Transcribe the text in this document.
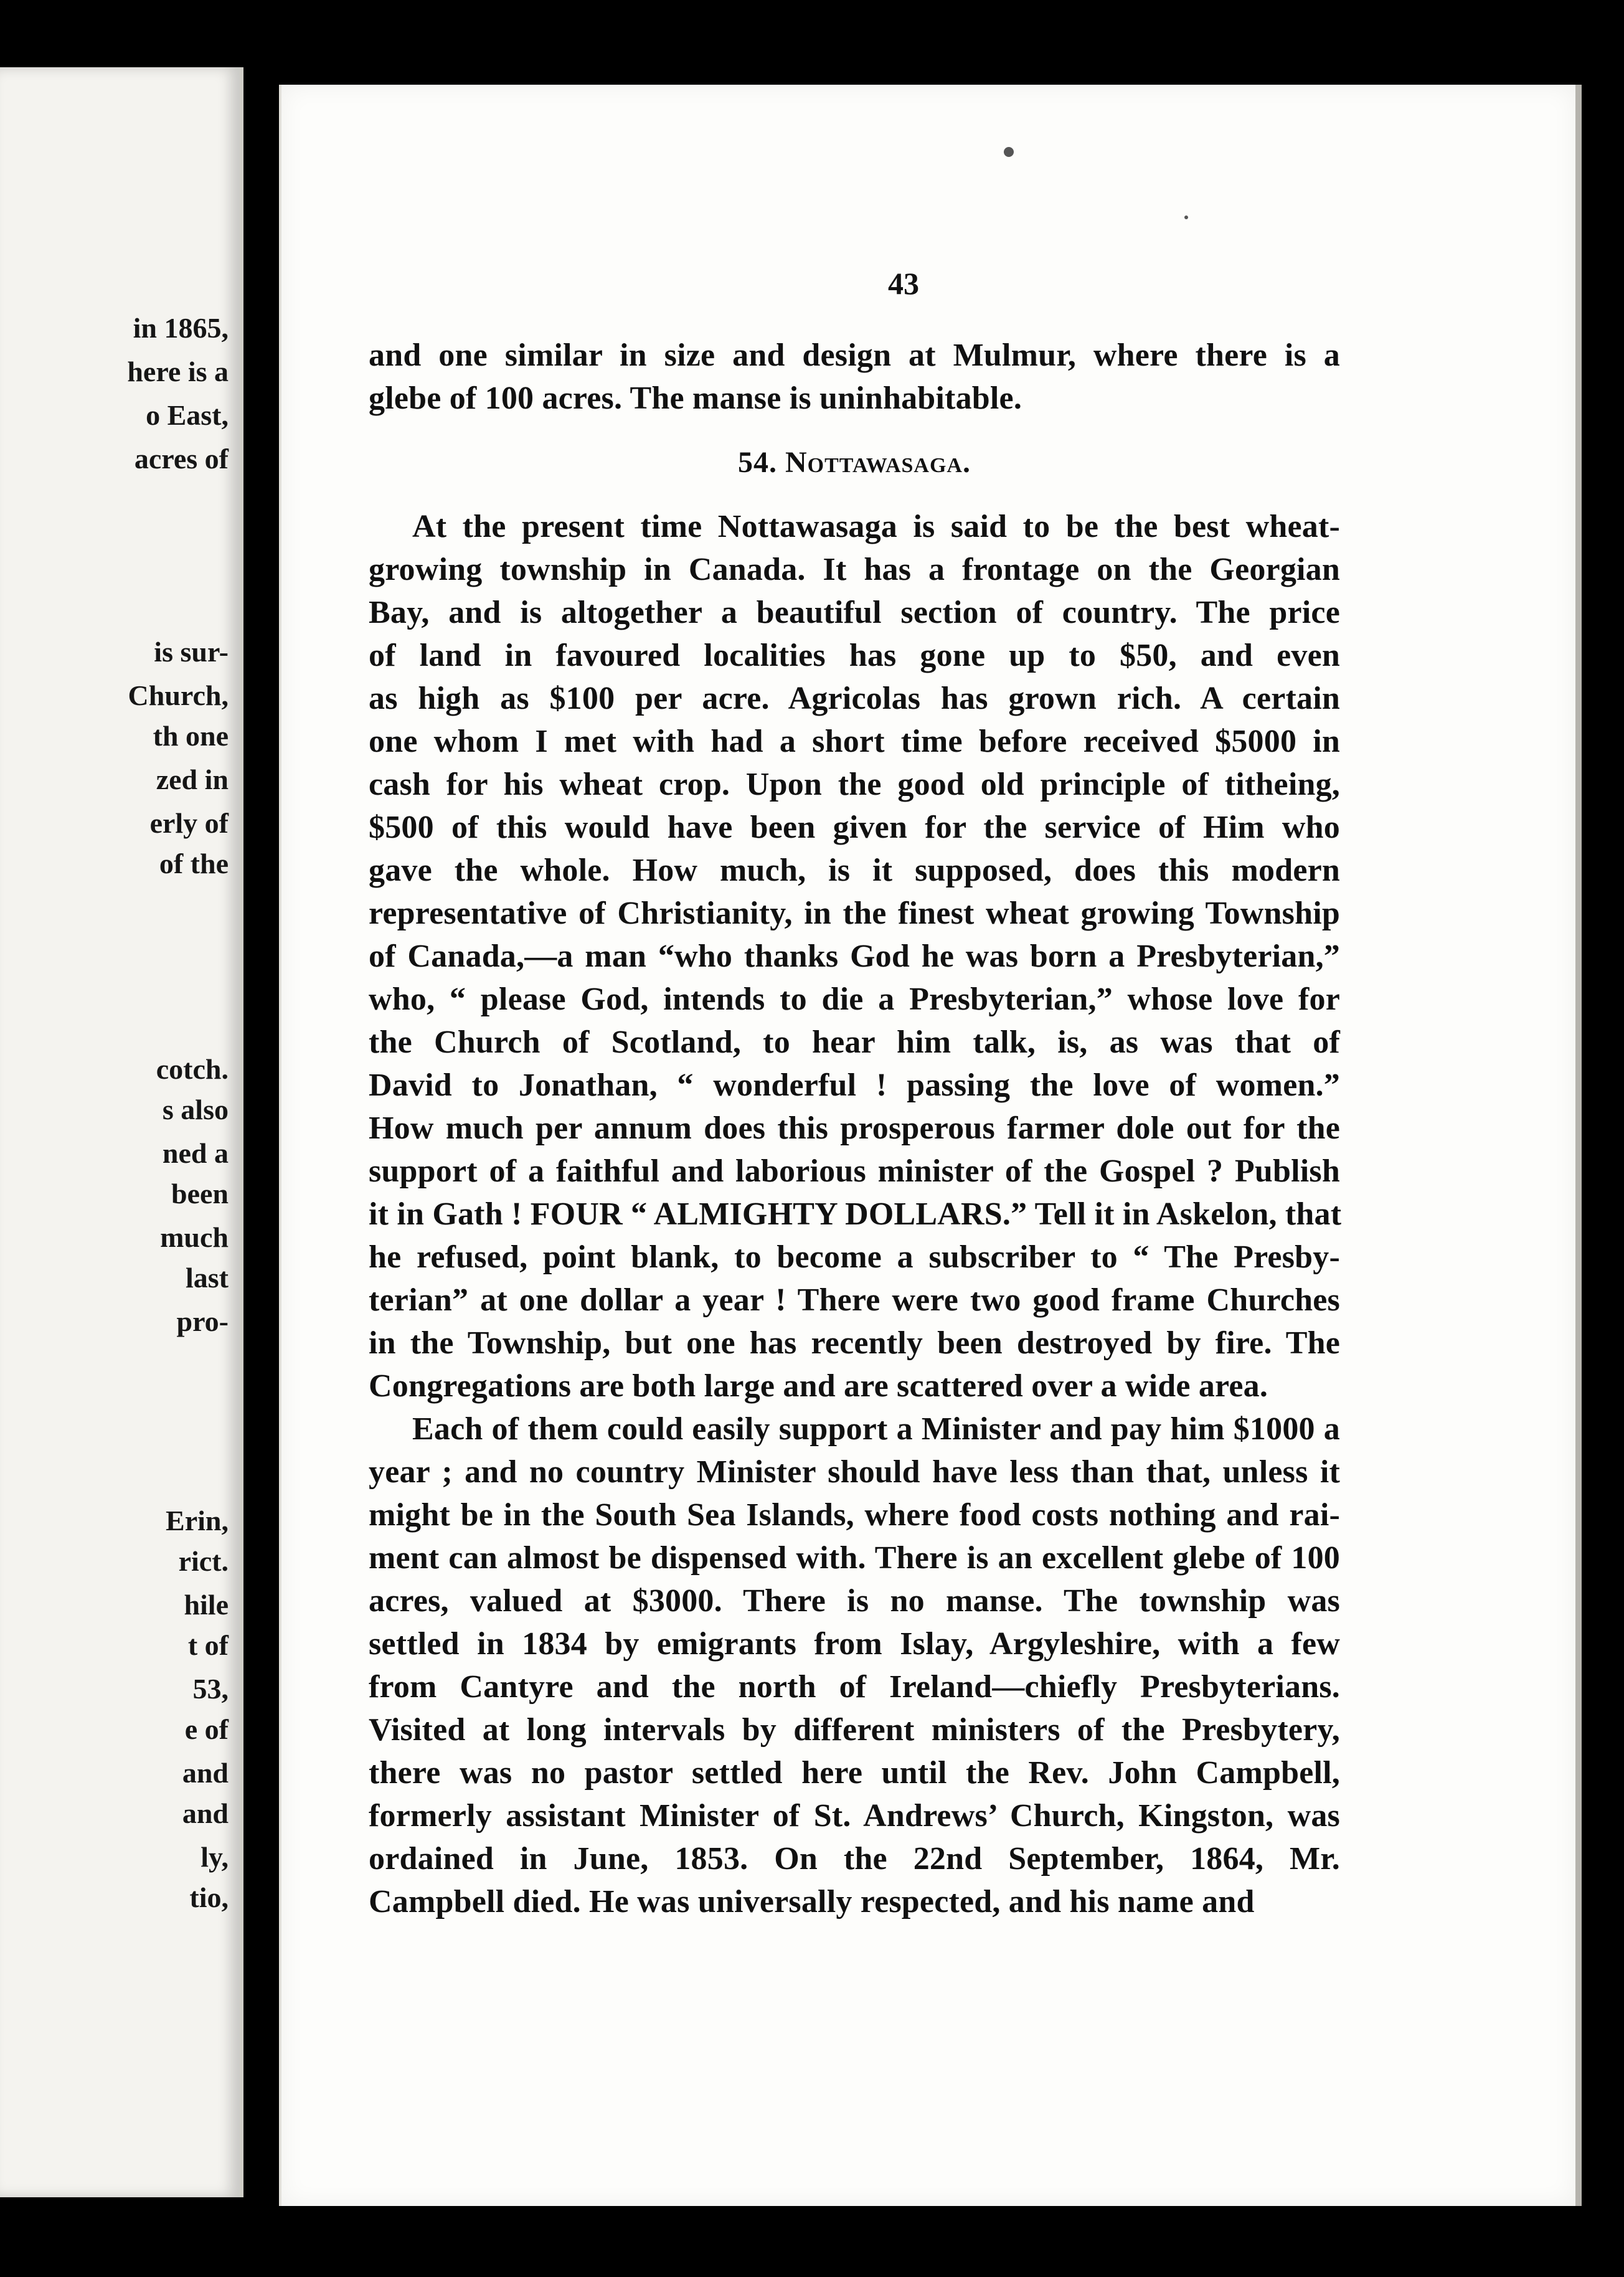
in 1865,
here is a
o East,
acres of
is sur-
Church,
th one
zed in
erly of
of the
cotch.
s also
ned a
been
much
last
pro-
Erin,
rict.
hile
t of
53,
e of
and
and
ly,
tio,
43
and one similar in size and design at Mulmur, where there is a
glebe of 100 acres. The manse is uninhabitable.
54. Nottawasaga.
At the present time Nottawasaga is said to be the best wheat-
growing township in Canada. It has a frontage on the Georgian
Bay, and is altogether a beautiful section of country. The price
of land in favoured localities has gone up to $50, and even
as high as $100 per acre. Agricolas has grown rich. A certain
one whom I met with had a short time before received $5000 in
cash for his wheat crop. Upon the good old principle of titheing,
$500 of this would have been given for the service of Him who
gave the whole. How much, is it supposed, does this modern
representative of Christianity, in the finest wheat growing Township
of Canada,—a man “who thanks God he was born a Presbyterian,”
who, “ please God, intends to die a Presbyterian,” whose love for
the Church of Scotland, to hear him talk, is, as was that of
David to Jonathan, “ wonderful ! passing the love of women.”
How much per annum does this prosperous farmer dole out for the
support of a faithful and laborious minister of the Gospel ? Publish
it in Gath ! FOUR “ ALMIGHTY DOLLARS.” Tell it in Askelon, that
he refused, point blank, to become a subscriber to “ The Presby-
terian” at one dollar a year ! There were two good frame Churches
in the Township, but one has recently been destroyed by fire. The
Congregations are both large and are scattered over a wide area.
Each of them could easily support a Minister and pay him $1000 a
year ; and no country Minister should have less than that, unless it
might be in the South Sea Islands, where food costs nothing and rai-
ment can almost be dispensed with. There is an excellent glebe of 100
acres, valued at $3000. There is no manse. The township was
settled in 1834 by emigrants from Islay, Argyleshire, with a few
from Cantyre and the north of Ireland—chiefly Presbyterians.
Visited at long intervals by different ministers of the Presbytery,
there was no pastor settled here until the Rev. John Campbell,
formerly assistant Minister of St. Andrews’ Church, Kingston, was
ordained in June, 1853. On the 22nd September, 1864, Mr.
Campbell died. He was universally respected, and his name and
